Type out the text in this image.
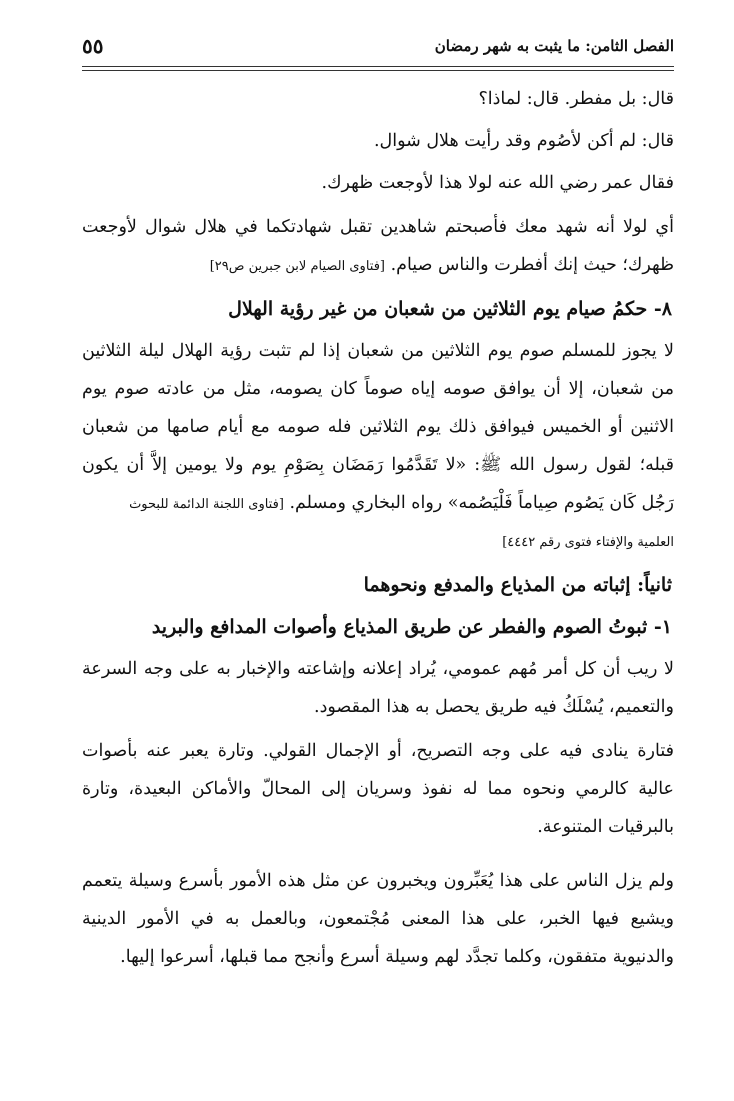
٥٥	الفصل الثامن: ما يثبت به شهر رمضان

قال: بل مفطر. قال: لماذا؟

قال: لم أكن لأصُوم وقد رأيت هلال شوال.

فقال عمر رضي الله عنه لولا هذا لأوجعت ظهرك.

أي لولا أنه شهد معك فأصبحتم شاهدين تقبل شهادتكما في هلال شوال لأوجعت ظهرك؛ حيث إنك أفطرت والناس صيام. [فتاوى الصيام لابن جبرين ص٢٩]

٨- حكمُ صيام يوم الثلاثين من شعبان من غير رؤية الهلال

لا يجوز للمسلم صوم يوم الثلاثين من شعبان إذا لم تثبت رؤية الهلال ليلة الثلاثين من شعبان، إلا أن يوافق صومه إياه صوماً كان يصومه، مثل من عادته صوم يوم الاثنين أو الخميس فيوافق ذلك يوم الثلاثين فله صومه مع أيام صامها من شعبان قبله؛ لقول رسول الله ﷺ: «لا تَقَدَّمُوا رَمَضَان بِصَوْمِ يوم ولا يومين إلاَّ أن يكون رَجُل كَان يَصُوم صِياماً فَلْيَصُمه» رواه البخاري ومسلم. [فتاوى اللجنة الدائمة للبحوث

العلمية والإفتاء فتوى رقم ٤٤٤٢]

ثانياً: إثباته من المذياع والمدفع ونحوهما

١- ثبوتُ الصوم والفطر عن طريق المذياع وأصوات المدافع والبريد

لا ريب أن كل أمر مُهم عمومي، يُراد إعلانه وإشاعته والإخبار به على وجه السرعة والتعميم، يُسْلَكُ فيه طريق يحصل به هذا المقصود.

فتارة ينادى فيه على وجه التصريح، أو الإجمال القولي. وتارة يعبر عنه بأصوات عالية كالرمي ونحوه مما له نفوذ وسريان إلى المحالّ والأماكن البعيدة، وتارة بالبرقيات المتنوعة.

ولم يزل الناس على هذا يُعَبِّرون ويخبرون عن مثل هذه الأمور بأسرع وسيلة يتعمم ويشيع فيها الخبر، على هذا المعنى مُجْتمعون، وبالعمل به في الأمور الدينية والدنيوية متفقون، وكلما تجدَّد لهم وسيلة أسرع وأنجح مما قبلها، أسرعوا إليها.
